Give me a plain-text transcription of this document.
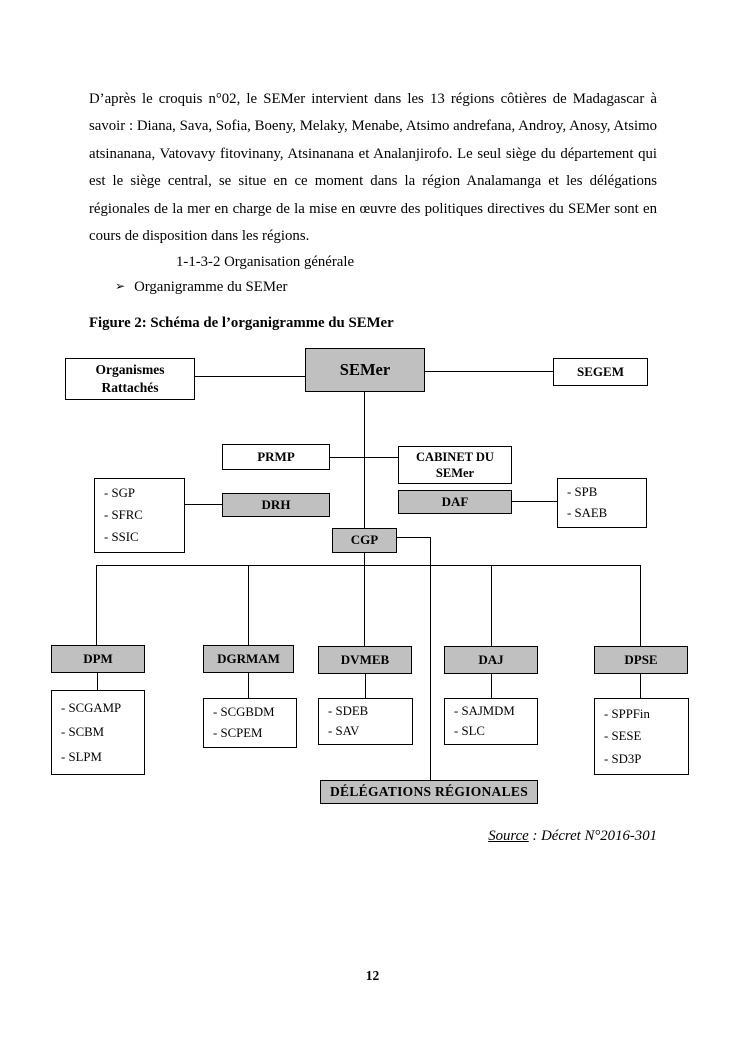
D’après le croquis n°02, le SEMer intervient dans les 13 régions côtières de Madagascar à savoir : Diana, Sava, Sofia, Boeny, Melaky, Menabe, Atsimo andrefana, Androy, Anosy, Atsimo atsinanana, Vatovavy fitovinany, Atsinanana et Analanjirofo. Le seul siège du département qui est le siège central, se situe en ce moment dans la région Analamanga et les délégations régionales de la mer en charge de la mise en œuvre des politiques directives du SEMer sont en cours de disposition dans les régions.

1-1-3-2 Organisation générale
➢ Organigramme du SEMer
Figure 2: Schéma de l’organigramme du SEMer
Organismes
Rattachés
SEMer	SEGEM
PRMP	CABINET DU
SEMer
- SGP
- SFRC
- SSIC
DRH	DAF
- SPB
- SAEB
CGP
DPM	DGRMAM	DVMEB	DAJ	DPSE
- SCGAMP
- SCBM
- SLPM
- SCGBDM
- SCPEM
- SDEB
- SAV
- SAJMDM
- SLC
- SPPFin
- SESE
- SD3P
DÉLÉGATIONS RÉGIONALES
Source : Décret N°2016-301
12
